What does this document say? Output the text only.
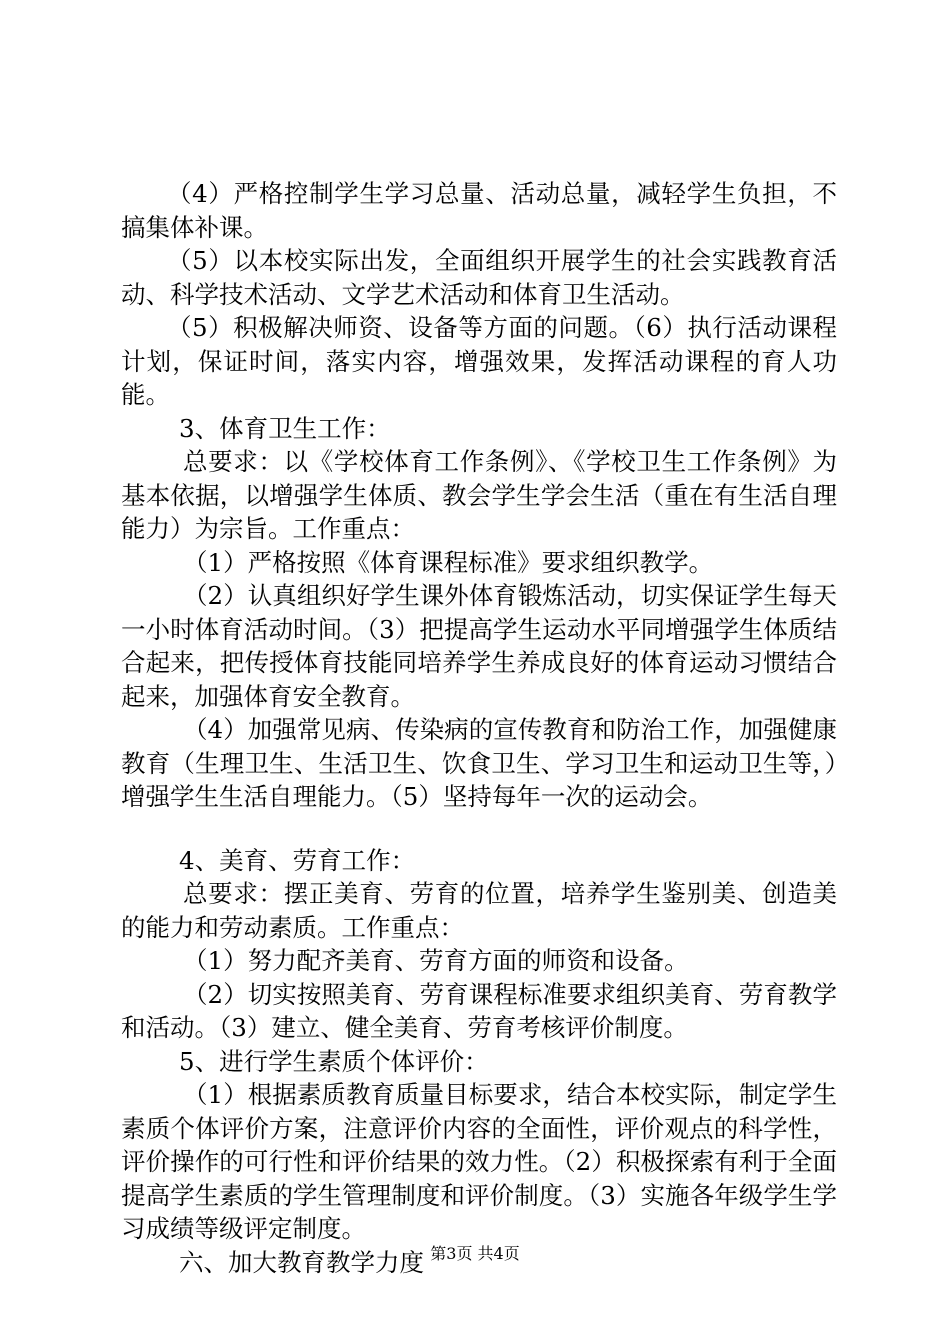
（4）严格控制学生学习总量、活动总量，减轻学生负担，不搞集体补课。

（5）以本校实际出发，全面组织开展学生的社会实践教育活动、科学技术活动、文学艺术活动和体育卫生活动。

（5）积极解决师资、设备等方面的问题。（6）执行活动课程计划，保证时间，落实内容，增强效果，发挥活动课程的育人功能。

3、体育卫生工作：

总要求：以《学校体育工作条例》、《学校卫生工作条例》为基本依据，以增强学生体质、教会学生学会生活（重在有生活自理能力）为宗旨。工作重点：

（1）严格按照《体育课程标准》要求组织教学。

（2）认真组织好学生课外体育锻炼活动，切实保证学生每天一小时体育活动时间。（3）把提高学生运动水平同增强学生体质结合起来，把传授体育技能同培养学生养成良好的体育运动习惯结合起来，加强体育安全教育。

（4）加强常见病、传染病的宣传教育和防治工作，加强健康教育（生理卫生、生活卫生、饮食卫生、学习卫生和运动卫生等，）增强学生生活自理能力。（5）坚持每年一次的运动会。

4、美育、劳育工作：

总要求：摆正美育、劳育的位置，培养学生鉴别美、创造美的能力和劳动素质。工作重点：

（1）努力配齐美育、劳育方面的师资和设备。

（2）切实按照美育、劳育课程标准要求组织美育、劳育教学和活动。（3）建立、健全美育、劳育考核评价制度。

5、进行学生素质个体评价：

（1）根据素质教育质量目标要求，结合本校实际，制定学生素质个体评价方案，注意评价内容的全面性，评价观点的科学性，评价操作的可行性和评价结果的效力性。（2）积极探索有利于全面提高学生素质的学生管理制度和评价制度。（3）实施各年级学生学习成绩等级评定制度。

六、加大教育教学力度 第3页 共4页
